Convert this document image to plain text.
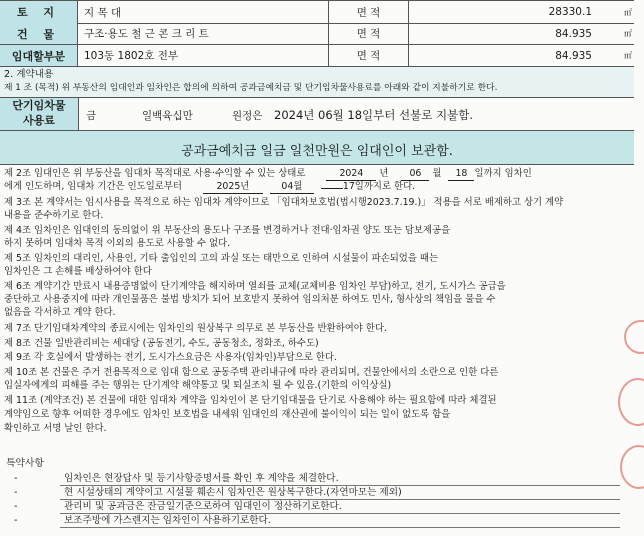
토 지	지 목 대	면 적	28330.1	㎡
건 물	구조·용도 철 근 콘 크 리 트	면 적	84.935	㎡
임대할부분	103동 1802호 전부	면 적	84.935	㎡
2. 계약내용
제 1 조 (목적) 위 부동산의 임대인과 임차인은 합의에 의하여 공과금예치금 및 단기임차물사용료를 아래와 같이 지불하기로 한다.
단기임차물
사용료	금	일백육십만	원정은 2024년 06월 18일부터 선불로 지불함.
공과금예치금 일금 일천만원은 임대인이 보관함.
제 2조 임대인은 위 부동산을 임대차 목적대로 사용·수익할 수 있는 상태로	2024 년 06 월 18 일까지 임차인
에게 인도하며, 임대차 기간은 인도일로부터	2025년	04월	17일까지로 한다.
제 3조 본 계약서는 임시사용을 목적으로 하는 임대차 계약이므로 「임대차보호법(법시행2023.7.19.)」 적용을 서로 배제하고 상기 계약
내용을 준수하기로 한다.
제 4조 임차인은 임대인의 동의없이 위 부동산의 용도나 구조를 변경하거나 전대·임차권 양도 또는 담보제공을
하지 못하며 임대차 목적 이외의 용도로 사용할 수 없다.
제 5조 임차인의 대리인, 사용인, 기타 출입인의 고의 과실 또는 태만으로 인하여 시설물이 파손되었을 때는
임차인은 그 손해를 배상하여야 한다
제 6조 계약기간 만료시 내용증명없이 단기계약을 해지하며 열쇠를 교체(교체비용 임차인 부담)하고, 전기, 도시가스 공급을
중단하고 사용중지에 따라 개인물품은 불법 방치가 되어 보호받지 못하여 임의처분 하여도 민사, 형사상의 책임을 물을 수
없음을 각서하고 계약 한다.
제 7조 단기임대차계약의 종료시에는 임차인의 원상복구 의무로 본 부동산을 반환하여야 한다.
제 8조 건물 일반관리비는 세대당 (공동전기, 수도, 공동청소, 정화조, 하수도)
제 9조 각 호실에서 발생하는 전기, 도시가스요금은 사용자(임차인)부담으로 한다.
제 10조 본 건물은 주거 전용목적으로 임대 함으로 공동주택 관리내규에 따라 관리되며, 건물안에서의 소란으로 인한 다른
입실자에게의 피해를 주는 행위는 단기계약 해약통고 및 퇴실조치 될 수 있음.(기한의 이익상실)
제 11조 (계약조건) 본 건물에 대한 임대차 계약을 임차인이 본 단기임대물을 단기로 사용해야 하는 필요함에 따라 체결된
계약임으로 향후 어떠한 경우에도 임차인 보호법을 내세워 임대인의 재산권에 불이익이 되는 일이 없도록 함을
확인하고 서명 날인 한다.
특약사항
-	임차인은 현장답사 및 등기사항증명서를 확인 후 계약을 체결한다.
-	현 시설상태의 계약이고 시설물 훼손시 임차인은 원상복구한다.(자연마모는 제외)
-	관리비 및 공과금은 잔금일기준으로하여 임대인이 정산하기로한다.
-	보조주방에 가스렌지는 임차인이 사용하기로한다.
